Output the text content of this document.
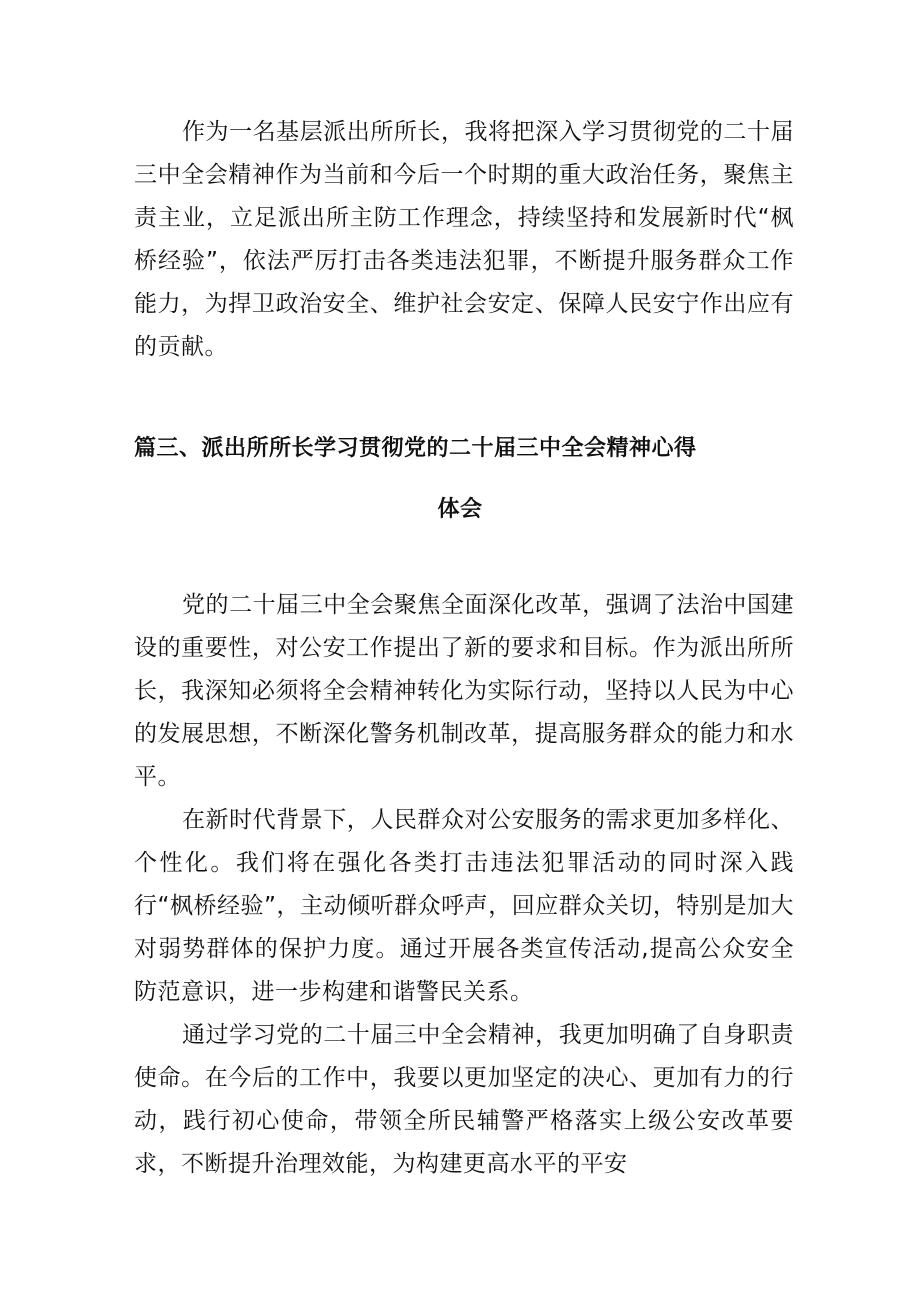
作为一名基层派出所所长，我将把深入学习贯彻党的二十届三中全会精神作为当前和今后一个时期的重大政治任务，聚焦主责主业，立足派出所主防工作理念，持续坚持和发展新时代“枫桥经验”，依法严厉打击各类违法犯罪，不断提升服务群众工作能力，为捍卫政治安全、维护社会安定、保障人民安宁作出应有的贡献。

篇三、派出所所长学习贯彻党的二十届三中全会精神心得
体会

党的二十届三中全会聚焦全面深化改革，强调了法治中国建设的重要性，对公安工作提出了新的要求和目标。作为派出所所长，我深知必须将全会精神转化为实际行动，坚持以人民为中心的发展思想，不断深化警务机制改革，提高服务群众的能力和水平。

在新时代背景下，人民群众对公安服务的需求更加多样化、个性化。我们将在强化各类打击违法犯罪活动的同时深入践行“枫桥经验”，主动倾听群众呼声，回应群众关切，特别是加大对弱势群体的保护力度。通过开展各类宣传活动,提高公众安全防范意识，进一步构建和谐警民关系。

通过学习党的二十届三中全会精神，我更加明确了自身职责使命。在今后的工作中，我要以更加坚定的决心、更加有力的行动，践行初心使命，带领全所民辅警严格落实上级公安改革要求，不断提升治理效能，为构建更高水平的平安
